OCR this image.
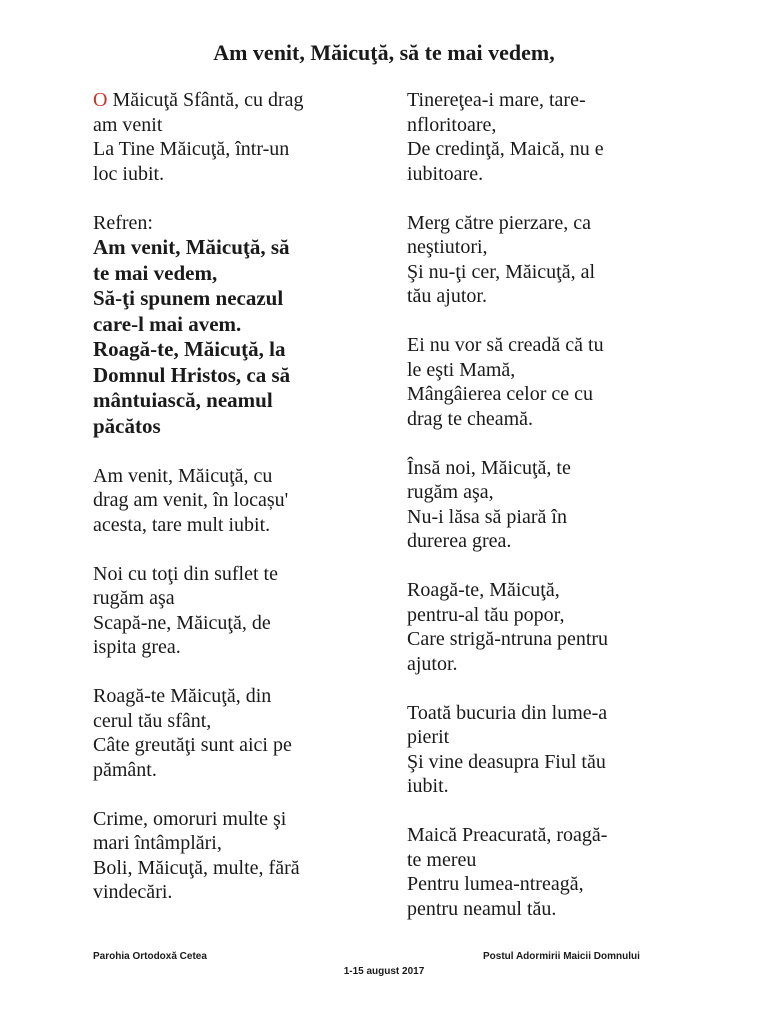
Am venit, Măicuţă, să te mai vedem,
O Măicuţă Sfântă, cu drag
am venit
La Tine Măicuţă, într-un
loc iubit.
Refren:
Am venit, Măicuţă, să
te mai vedem,
Să-ţi spunem necazul
care-l mai avem.
Roagă-te, Măicuţă, la
Domnul Hristos, ca să
mântuiască, neamul
păcătos
Am venit, Măicuţă, cu
drag am venit, în locașu'
acesta, tare mult iubit.
Noi cu toţi din suflet te
rugăm aşa
Scapă-ne, Măicuţă, de
ispita grea.
Roagă-te Măicuţă, din
cerul tău sfânt,
Câte greutăţi sunt aici pe
pământ.
Crime, omoruri multe şi
mari întâmplări,
Boli, Măicuţă, multe, fără
vindecări.
Tinereţea-i mare, tare-
nfloritoare,
De credinţă, Maică, nu e
iubitoare.
Merg către pierzare, ca
neştiutori,
Şi nu-ţi cer, Măicuţă, al
tău ajutor.
Ei nu vor să creadă că tu
le eşti Mamă,
Mângâierea celor ce cu
drag te cheamă.
Însă noi, Măicuţă, te
rugăm aşa,
Nu-i lăsa să piară în
durerea grea.
Roagă-te, Măicuţă,
pentru-al tău popor,
Care strigă-ntruna pentru
ajutor.
Toată bucuria din lume-a
pierit
Şi vine deasupra Fiul tău
iubit.
Maică Preacurată, roagă-
te mereu
Pentru lumea-ntreagă,
pentru neamul tău.
Parohia Ortodoxă Cetea	Postul Adormirii Maicii Domnului
1-15 august 2017
